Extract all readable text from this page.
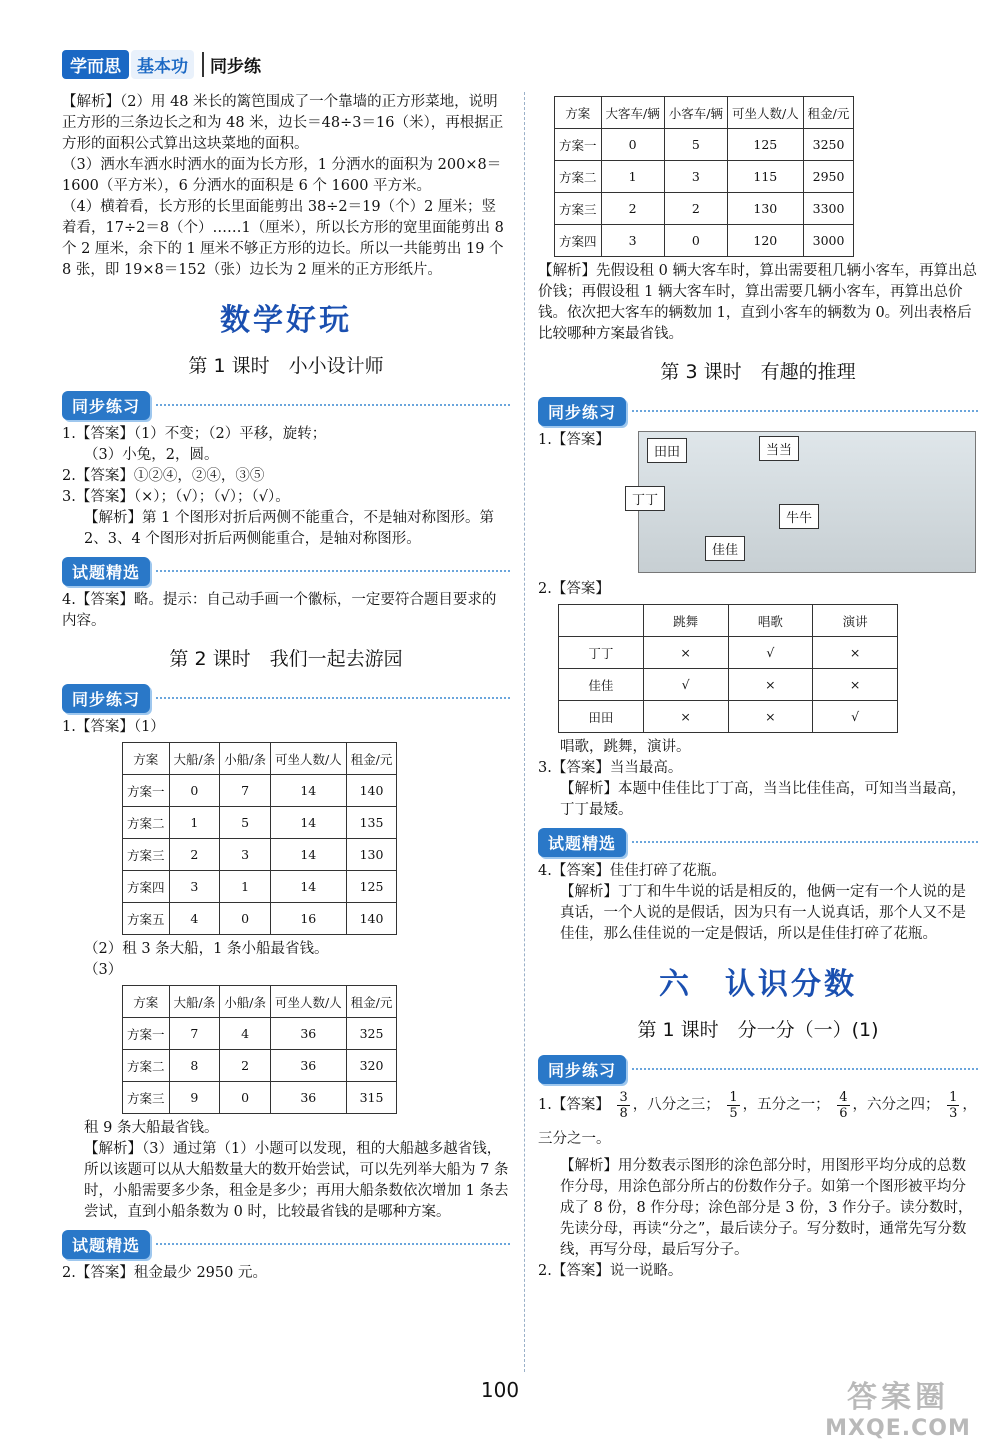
学而思 基本功	同步练

【解析】（2）用 48 米长的篱笆围成了一个靠墙的正方形菜地，说明正方形的三条边长之和为 48 米，边长＝48÷3＝16（米），再根据正方形的面积公式算出这块菜地的面积。

（3）洒水车洒水时洒水的面为长方形，1 分洒水的面积为 200×8＝1600（平方米），6 分洒水的面积是 6 个 1600 平方米。

（4）横着看，长方形的长里面能剪出 38÷2＝19（个）2 厘米；竖着看，17÷2＝8（个）……1（厘米），所以长方形的宽里面能剪出 8 个 2 厘米，余下的 1 厘米不够正方形的边长。所以一共能剪出 19 个 8 张，即 19×8＝152（张）边长为 2 厘米的正方形纸片。

数学好玩
第 1 课时　小小设计师
同步练习

1.【答案】（1）不变；（2）平移，旋转；

（3）小兔，2，圆。

2.【答案】①②④，②④，③⑤

3.【答案】（×）；（√）；（√）；（√）。

【解析】第 1 个图形对折后两侧不能重合，不是轴对称图形。第 2、3、4 个图形对折后两侧能重合，是轴对称图形。

试题精选

4.【答案】略。提示：自己动手画一个徽标，一定要符合题目要求的内容。

第 2 课时　我们一起去游园
同步练习

1.【答案】（1）

方案	大船/条	小船/条	可坐人数/人	租金/元
方案一	0	7	14	140
方案二	1	5	14	135
方案三	2	3	14	130
方案四	3	1	14	125
方案五	4	0	16	140

（2）租 3 条大船，1 条小船最省钱。

（3）

方案	大船/条	小船/条	可坐人数/人	租金/元
方案一	7	4	36	325
方案二	8	2	36	320
方案三	9	0	36	315

租 9 条大船最省钱。

【解析】（3）通过第（1）小题可以发现，租的大船越多越省钱，所以该题可以从大船数量大的数开始尝试，可以先列举大船为 7 条时，小船需要多少条，租金是多少；再用大船条数依次增加 1 条去尝试，直到小船条数为 0 时，比较最省钱的是哪种方案。

试题精选

2.【答案】租金最少 2950 元。

方案	大客车/辆	小客车/辆	可坐人数/人	租金/元
方案一	0	5	125	3250
方案二	1	3	115	2950
方案三	2	2	130	3300
方案四	3	0	120	3000

【解析】先假设租 0 辆大客车时，算出需要租几辆小客车，再算出总价钱；再假设租 1 辆大客车时，算出需要几辆小客车，再算出总价钱。依次把大客车的辆数加 1，直到小客车的辆数为 0。列出表格后比较哪种方案最省钱。

第 3 课时　有趣的推理
同步练习

1.【答案】

田田	当当
丁丁
牛牛
佳佳

2.【答案】

	跳舞	唱歌	演讲
丁丁	×	√	×
佳佳	√	×	×
田田	×	×	√

唱歌，跳舞，演讲。

3.【答案】当当最高。

【解析】本题中佳佳比丁丁高，当当比佳佳高，可知当当最高，丁丁最矮。

试题精选

4.【答案】佳佳打碎了花瓶。

【解析】丁丁和牛牛说的话是相反的，他俩一定有一个人说的是真话，一个人说的是假话，因为只有一人说真话，那个人又不是佳佳，那么佳佳说的一定是假话，所以是佳佳打碎了花瓶。

六　认识分数
第 1 课时　分一分（一）(1)
同步练习

1.【答案】 $\frac{3}{8}$ ，八分之三； $\frac{1}{5}$ ，五分之一； $\frac{4}{6}$ ，六分之四； $\frac{1}{3}$ ，三分之一。

【解析】用分数表示图形的涂色部分时，用图形平均分成的总数作分母，用涂色部分所占的份数作分子。如第一个图形被平均分成了 8 份，8 作分母；涂色部分是 3 份，3 作分子。读分数时，先读分母，再读“分之”，最后读分子。写分数时，通常先写分数线，再写分母，最后写分子。

2.【答案】说一说略。

100	答案圈
MXQE.COM
